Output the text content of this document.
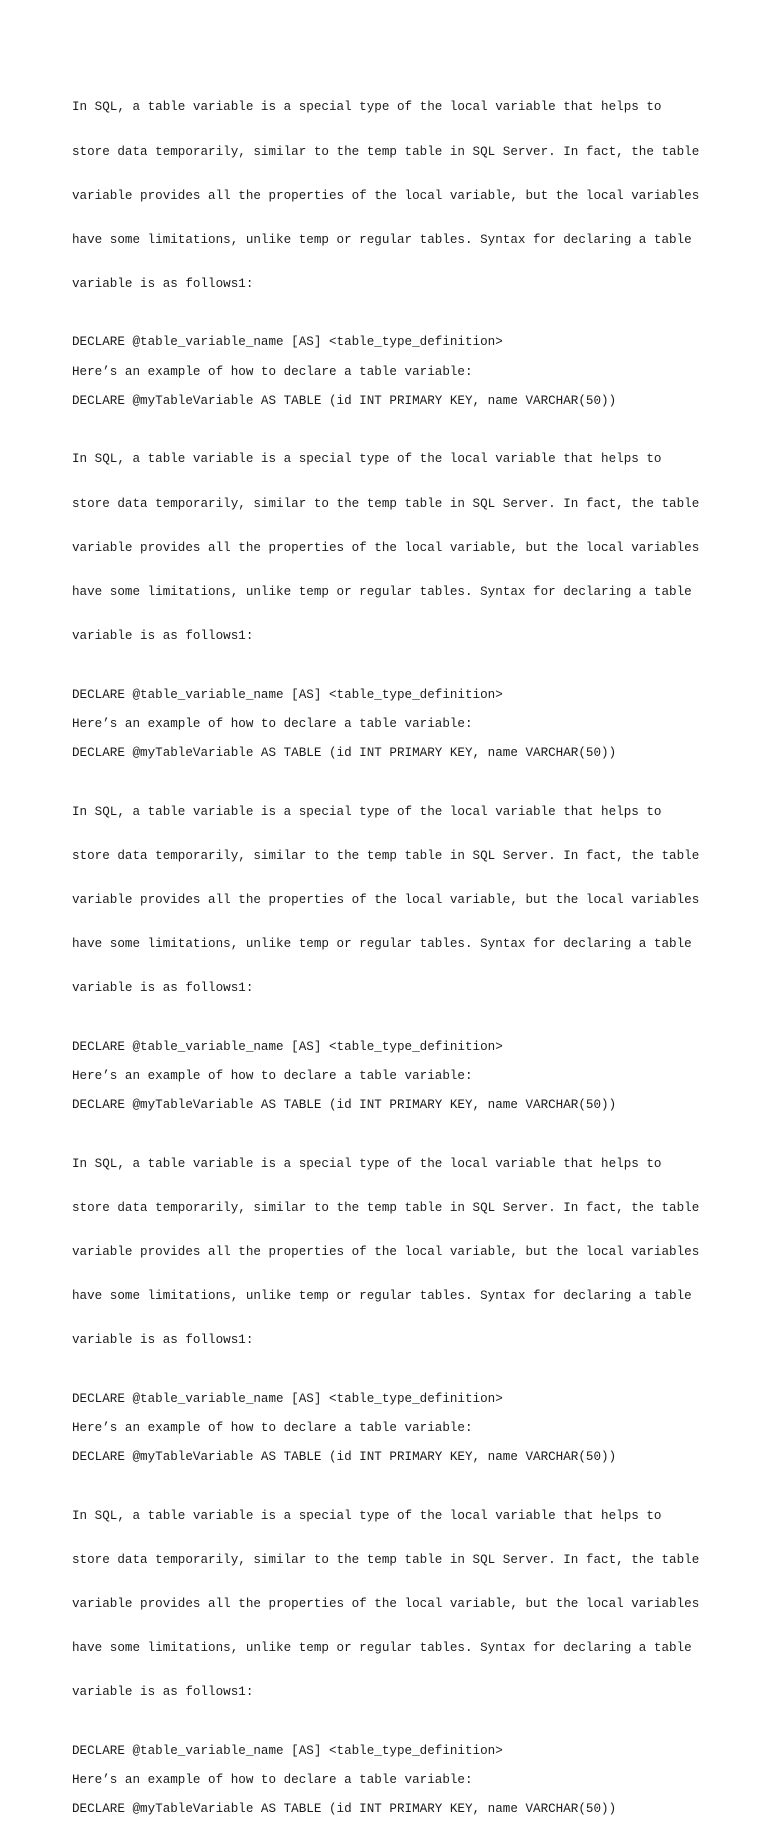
In SQL, a table variable is a special type of the local variable that helps to

store data temporarily, similar to the temp table in SQL Server. In fact, the table

variable provides all the properties of the local variable, but the local variables

have some limitations, unlike temp or regular tables. Syntax for declaring a table

variable is as follows1:

DECLARE @table_variable_name [AS] <table_type_definition>

Here’s an example of how to declare a table variable:

DECLARE @myTableVariable AS TABLE (id INT PRIMARY KEY, name VARCHAR(50))

In SQL, a table variable is a special type of the local variable that helps to

store data temporarily, similar to the temp table in SQL Server. In fact, the table

variable provides all the properties of the local variable, but the local variables

have some limitations, unlike temp or regular tables. Syntax for declaring a table

variable is as follows1:

DECLARE @table_variable_name [AS] <table_type_definition>

Here’s an example of how to declare a table variable:

DECLARE @myTableVariable AS TABLE (id INT PRIMARY KEY, name VARCHAR(50))

In SQL, a table variable is a special type of the local variable that helps to

store data temporarily, similar to the temp table in SQL Server. In fact, the table

variable provides all the properties of the local variable, but the local variables

have some limitations, unlike temp or regular tables. Syntax for declaring a table

variable is as follows1:

DECLARE @table_variable_name [AS] <table_type_definition>

Here’s an example of how to declare a table variable:

DECLARE @myTableVariable AS TABLE (id INT PRIMARY KEY, name VARCHAR(50))

In SQL, a table variable is a special type of the local variable that helps to

store data temporarily, similar to the temp table in SQL Server. In fact, the table

variable provides all the properties of the local variable, but the local variables

have some limitations, unlike temp or regular tables. Syntax for declaring a table

variable is as follows1:

DECLARE @table_variable_name [AS] <table_type_definition>

Here’s an example of how to declare a table variable:

DECLARE @myTableVariable AS TABLE (id INT PRIMARY KEY, name VARCHAR(50))

In SQL, a table variable is a special type of the local variable that helps to

store data temporarily, similar to the temp table in SQL Server. In fact, the table

variable provides all the properties of the local variable, but the local variables

have some limitations, unlike temp or regular tables. Syntax for declaring a table

variable is as follows1:

DECLARE @table_variable_name [AS] <table_type_definition>

Here’s an example of how to declare a table variable:

DECLARE @myTableVariable AS TABLE (id INT PRIMARY KEY, name VARCHAR(50))
